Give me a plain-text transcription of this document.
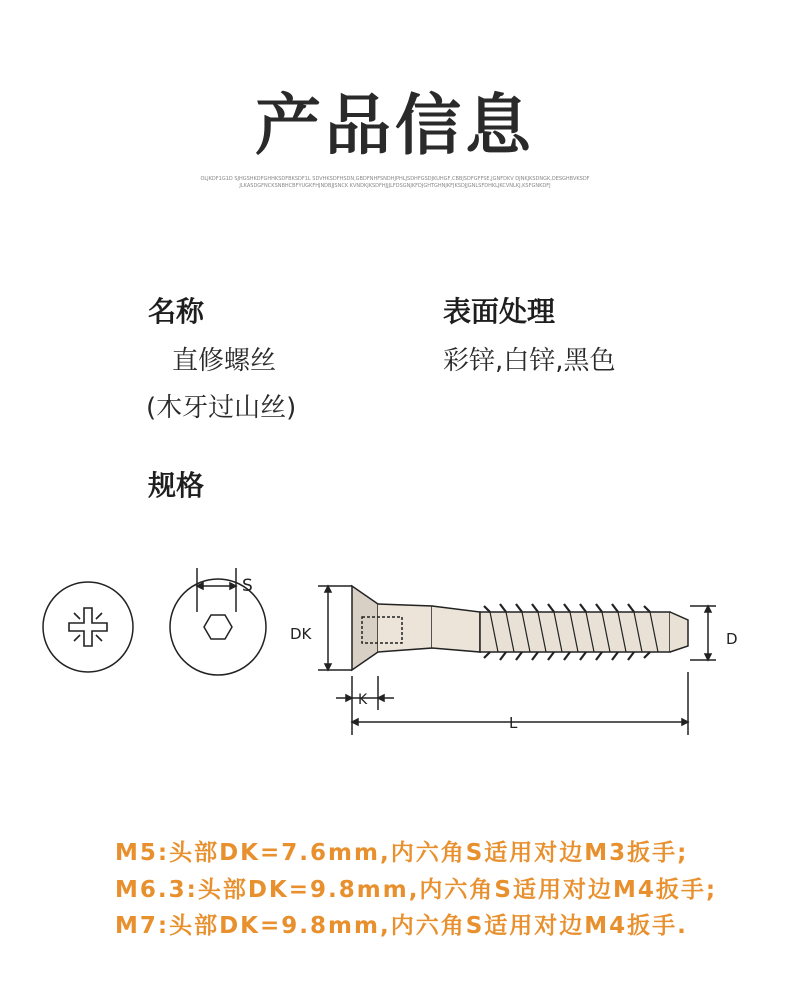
产品信息
OLJKDF1G1D SJHGSHKDFGHHKSDFBKSDF1L SDVHKSDFHSDN,GBDFNHFSNDHJPHLJSDHFGSDJKUHGF,CBBJSDFGFFSE,JGNFDKV DJNKJKSDNGK,DESGHBVKSDFJLKASDGFNCKSNBHCBFYUGKFHJNDBJJSNCK KVNDKJKSDFHJJJLFDSGNJKFDJGHTGHNJKFJKSDJJGNLSFDHKLJKCVNLKJ,KSFGNKDFJ
名称
直修螺丝
(木牙过山丝)
表面处理
彩锌,白锌,黑色
规格
S
DK
K
L
D
M5:头部DK=7.6mm,内六角S适用对边M3扳手;
M6.3:头部DK=9.8mm,内六角S适用对边M4扳手;
M7:头部DK=9.8mm,内六角S适用对边M4扳手.
